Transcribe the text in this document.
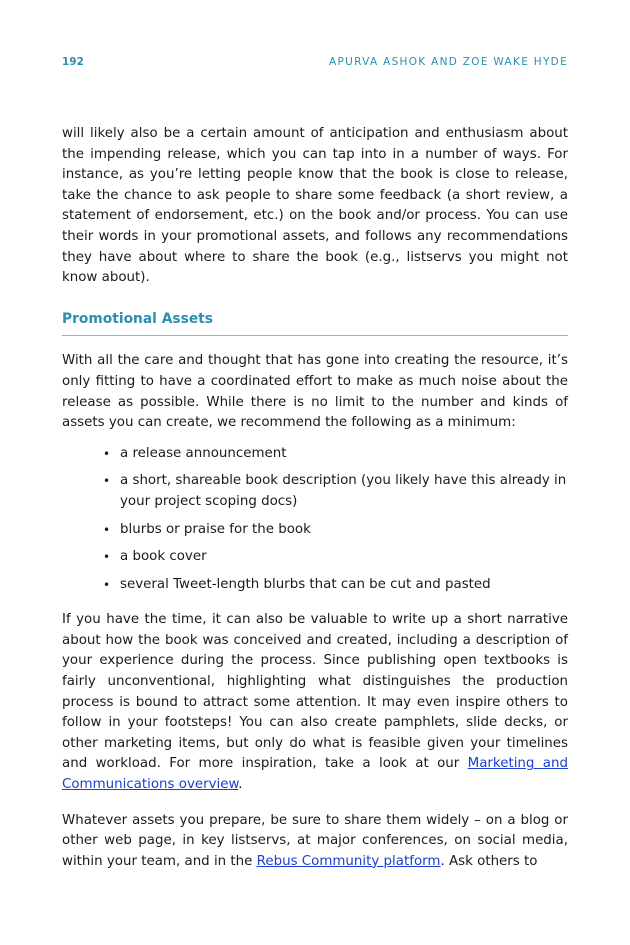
192	APURVA ASHOK AND ZOE WAKE HYDE

will likely also be a certain amount of anticipation and enthusiasm about the impending release, which you can tap into in a number of ways. For instance, as you’re letting people know that the book is close to release, take the chance to ask people to share some feedback (a short review, a statement of endorsement, etc.) on the book and/or process. You can use their words in your promotional assets, and follows any recommendations they have about where to share the book (e.g., listservs you might not know about).

Promotional Assets

With all the care and thought that has gone into creating the resource, it’s only fitting to have a coordinated effort to make as much noise about the release as possible. While there is no limit to the number and kinds of assets you can create, we recommend the following as a minimum:

• a release announcement
• a short, shareable book description (you likely have this already in your project scoping docs)
• blurbs or praise for the book
• a book cover
• several Tweet-length blurbs that can be cut and pasted

If you have the time, it can also be valuable to write up a short narrative about how the book was conceived and created, including a description of your experience during the process. Since publishing open textbooks is fairly unconventional, highlighting what distinguishes the production process is bound to attract some attention. It may even inspire others to follow in your footsteps! You can also create pamphlets, slide decks, or other marketing items, but only do what is feasible given your timelines and workload. For more inspiration, take a look at our Marketing and Communications overview.

Whatever assets you prepare, be sure to share them widely – on a blog or other web page, in key listservs, at major conferences, on social media, within your team, and in the Rebus Community platform. Ask others to
